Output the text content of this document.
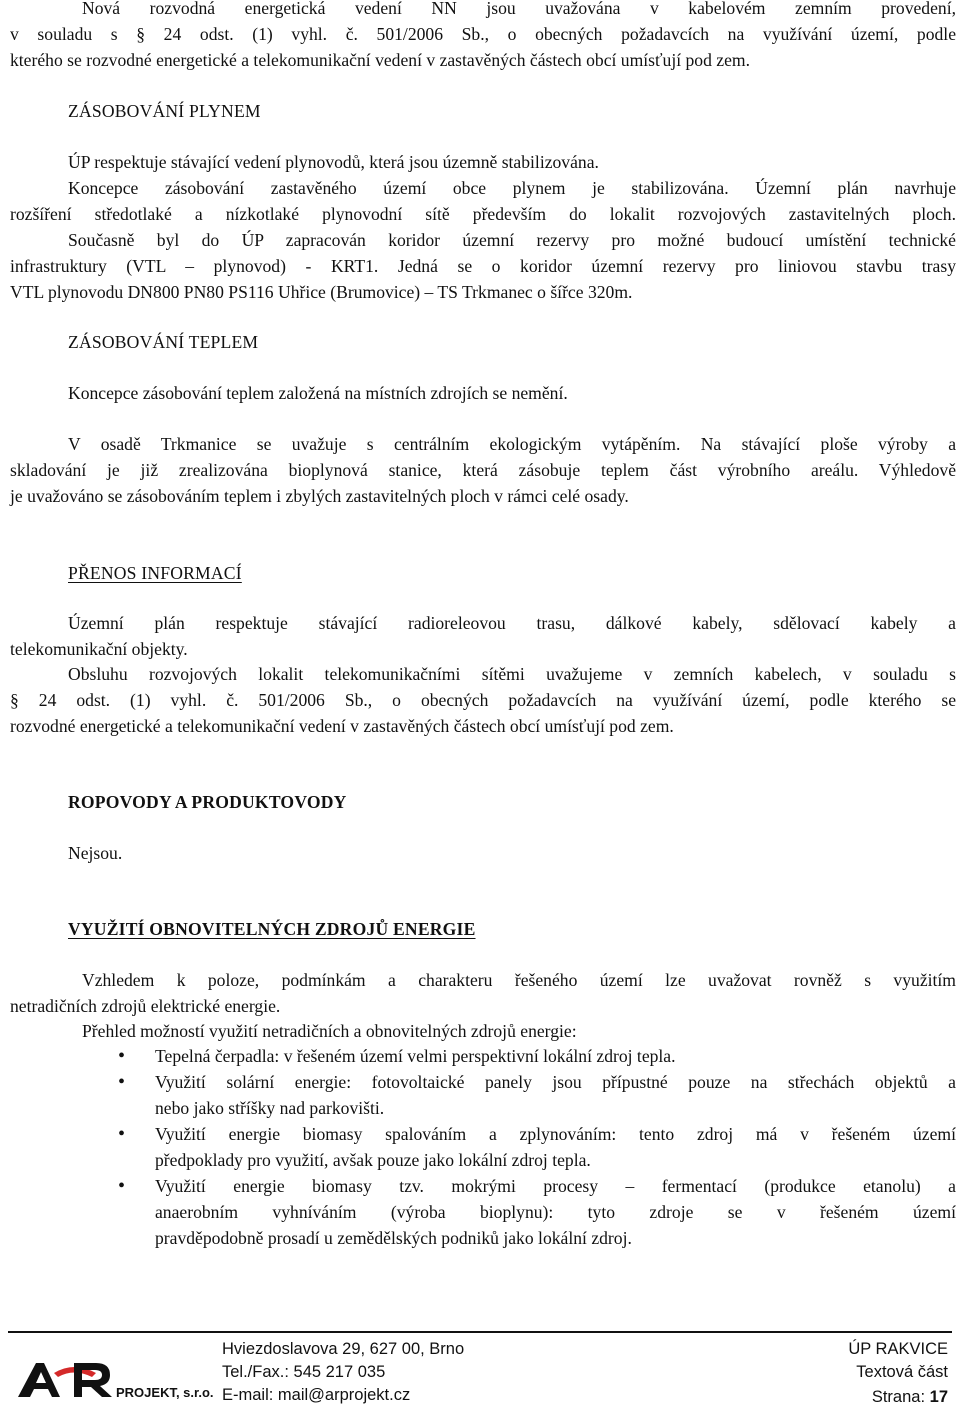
Nová rozvodná energetická vedení NN jsou uvažována v kabelovém zemním provedení,

v souladu s § 24 odst. (1) vyhl. č. 501/2006 Sb., o obecných požadavcích na využívání území, podle

kterého se rozvodné energetické a telekomunikační vedení v zastavěných částech obcí umísťují pod zem.

ZÁSOBOVÁNÍ PLYNEM

ÚP respektuje stávající vedení plynovodů, která jsou územně stabilizována.

Koncepce zásobování zastavěného území obce plynem je stabilizována. Územní plán navrhuje

rozšíření středotlaké a nízkotlaké plynovodní sítě především do lokalit rozvojových zastavitelných ploch.

Současně byl do ÚP zapracován koridor územní rezervy pro možné budoucí umístění technické

infrastruktury (VTL – plynovod) - KRT1. Jedná se o koridor územní rezervy pro liniovou stavbu trasy

VTL plynovodu DN800 PN80 PS116 Uhřice (Brumovice) – TS Trkmanec o šířce 320m.

ZÁSOBOVÁNÍ TEPLEM

Koncepce zásobování teplem založená na místních zdrojích se nemění.

V osadě Trkmanice se uvažuje s centrálním ekologickým vytápěním. Na stávající ploše výroby a

skladování je již zrealizována bioplynová stanice, která zásobuje teplem část výrobního areálu. Výhledově

je uvažováno se zásobováním teplem i zbylých zastavitelných ploch v rámci celé osady.

PŘENOS INFORMACÍ

Územní plán respektuje stávající radioreleovou trasu, dálkové kabely, sdělovací kabely a

telekomunikační objekty.

Obsluhu rozvojových lokalit telekomunikačními sítěmi uvažujeme v zemních kabelech, v souladu s

§ 24 odst. (1) vyhl. č. 501/2006 Sb., o obecných požadavcích na využívání území, podle kterého se

rozvodné energetické a telekomunikační vedení v zastavěných částech obcí umísťují pod zem.

ROPOVODY A PRODUKTOVODY

Nejsou.

VYUŽITÍ OBNOVITELNÝCH ZDROJŮ ENERGIE

Vzhledem k poloze, podmínkám a charakteru řešeného území lze uvažovat rovněž s využitím

netradičních zdrojů elektrické energie.

Přehled možností využití netradičních a obnovitelných zdrojů energie:

• Tepelná čerpadla: v řešeném území velmi perspektivní lokální zdroj tepla.
• Využití solární energie: fotovoltaické panely jsou přípustné pouze na střechách objektů a
nebo jako stříšky nad parkovišti.
• Využití energie biomasy spalováním a zplynováním: tento zdroj má v řešeném území
předpoklady pro využití, avšak pouze jako lokální zdroj tepla.
• Využití energie biomasy tzv. mokrými procesy – fermentací (produkce etanolu) a
anaerobním vyhníváním (výroba bioplynu): tyto zdroje se v řešeném území
pravděpodobně prosadí u zemědělských podniků jako lokální zdroj.
PROJEKT, s.r.o.
Hviezdoslavova 29, 627 00, Brno
Tel./Fax.: 545 217 035
E-mail: mail@arprojekt.cz
ÚP RAKVICE
Textová část
Strana: 17
